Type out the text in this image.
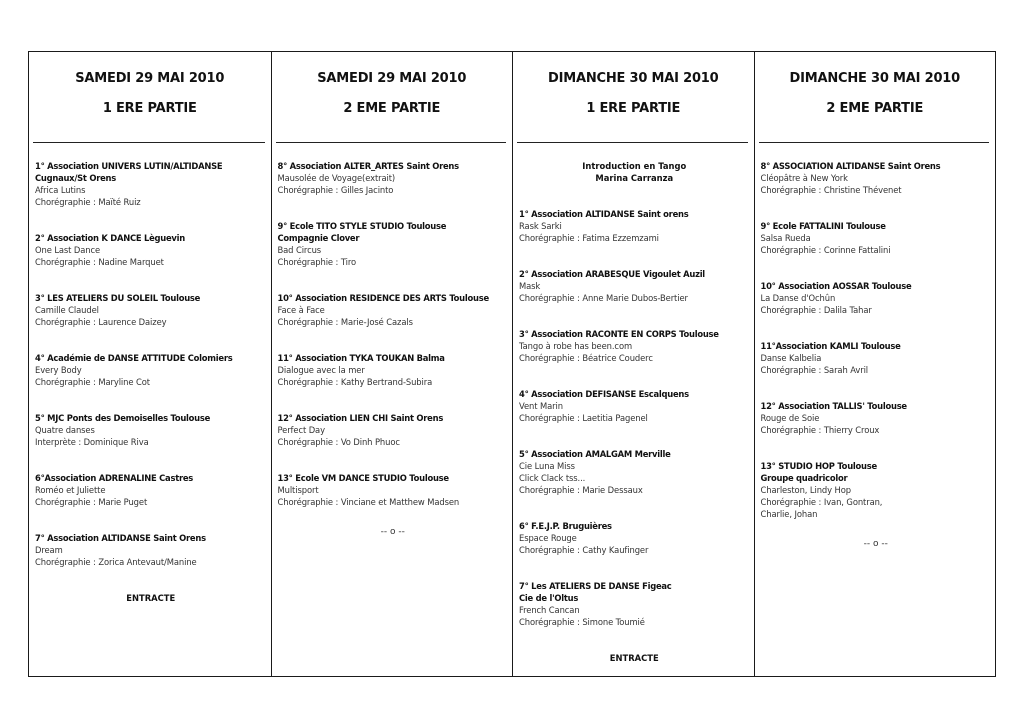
SAMEDI 29 MAI 2010
1 ERE PARTIE
1° Association UNIVERS LUTIN/ALTIDANSE
Cugnaux/St Orens
Africa Lutins
Chorégraphie : Maïté Ruiz
2° Association K DANCE Lèguevin
One Last Dance
Chorégraphie : Nadine Marquet
3° LES ATELIERS DU SOLEIL Toulouse
Camille Claudel
Chorégraphie : Laurence Daizey
4° Académie de DANSE ATTITUDE Colomiers
Every Body
Chorégraphie : Maryline Cot
5° MJC Ponts des Demoiselles Toulouse
Quatre danses
Interprète : Dominique Riva
6°Association ADRENALINE Castres
Roméo et Juliette
Chorégraphie : Marie Puget
7° Association ALTIDANSE Saint Orens
Dream
Chorégraphie : Zorica Antevaut/Manine
ENTRACTE
SAMEDI 29 MAI 2010
2 EME PARTIE
8° Association ALTER_ARTES Saint Orens
Mausolée de Voyage(extrait)
Chorégraphie : Gilles Jacinto
9° Ecole TITO STYLE STUDIO Toulouse
Compagnie Clover
Bad Circus
Chorégraphie : Tiro
10° Association RESIDENCE DES ARTS Toulouse
Face à Face
Chorégraphie : Marie-José Cazals
11° Association TYKA TOUKAN Balma
Dialogue avec la mer
Chorégraphie : Kathy Bertrand-Subira
12° Association LIEN CHI Saint Orens
Perfect Day
Chorégraphie : Vo Dinh Phuoc
13° Ecole VM DANCE STUDIO Toulouse
Multisport
Chorégraphie : Vinciane et Matthew Madsen
-- o --
DIMANCHE 30 MAI 2010
1 ERE PARTIE
Introduction en Tango
Marina Carranza
1° Association ALTIDANSE Saint orens
Rask Sarki
Chorégraphie : Fatima Ezzemzami
2° Association ARABESQUE Vigoulet Auzil
Mask
Chorégraphie : Anne Marie Dubos-Bertier
3° Association RACONTE EN CORPS Toulouse
Tango à robe has been.com
Chorégraphie : Béatrice Couderc
4° Association DEFISANSE Escalquens
Vent Marin
Chorégraphie : Laetitia Pagenel
5° Association AMALGAM Merville
Cie Luna Miss
Click Clack tss...
Chorégraphie : Marie Dessaux
6° F.E.J.P. Bruguières
Espace Rouge
Chorégraphie : Cathy Kaufinger
7° Les ATELIERS DE DANSE Figeac
Cie de l'Oltus
French Cancan
Chorégraphie : Simone Toumié
ENTRACTE
DIMANCHE 30 MAI 2010
2 EME PARTIE
8° ASSOCIATION ALTIDANSE Saint Orens
Cléopâtre à New York
Chorégraphie : Christine Thévenet
9° Ecole FATTALINI Toulouse
Salsa Rueda
Chorégraphie : Corinne Fattalini
10° Association AOSSAR Toulouse
La Danse d'Ochûn
Chorégraphie : Dalila Tahar
11°Association KAMLI Toulouse
Danse Kalbelia
Chorégraphie : Sarah Avril
12° Association TALLIS' Toulouse
Rouge de Soie
Chorégraphie : Thierry Croux
13° STUDIO HOP Toulouse
Groupe quadricolor
Charleston, Lindy Hop
Chorégraphie : Ivan, Gontran,
Charlie, Johan
-- o --
